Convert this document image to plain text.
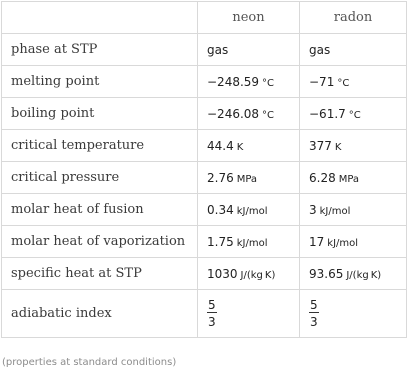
	neon	radon
phase at STP	gas	gas
melting point	−248.59 °C	−71 °C
boiling point	−246.08 °C	−61.7 °C
critical temperature	44.4 K	377 K
critical pressure	2.76 MPa	6.28 MPa
molar heat of fusion	0.34 kJ/mol	3 kJ/mol
molar heat of vaporization	1.75 kJ/mol	17 kJ/mol
specific heat at STP	1030 J/(kg K)	93.65 J/(kg K)
adiabatic index	$\frac{5}{3}$	$\frac{5}{3}$
(properties at standard conditions)
